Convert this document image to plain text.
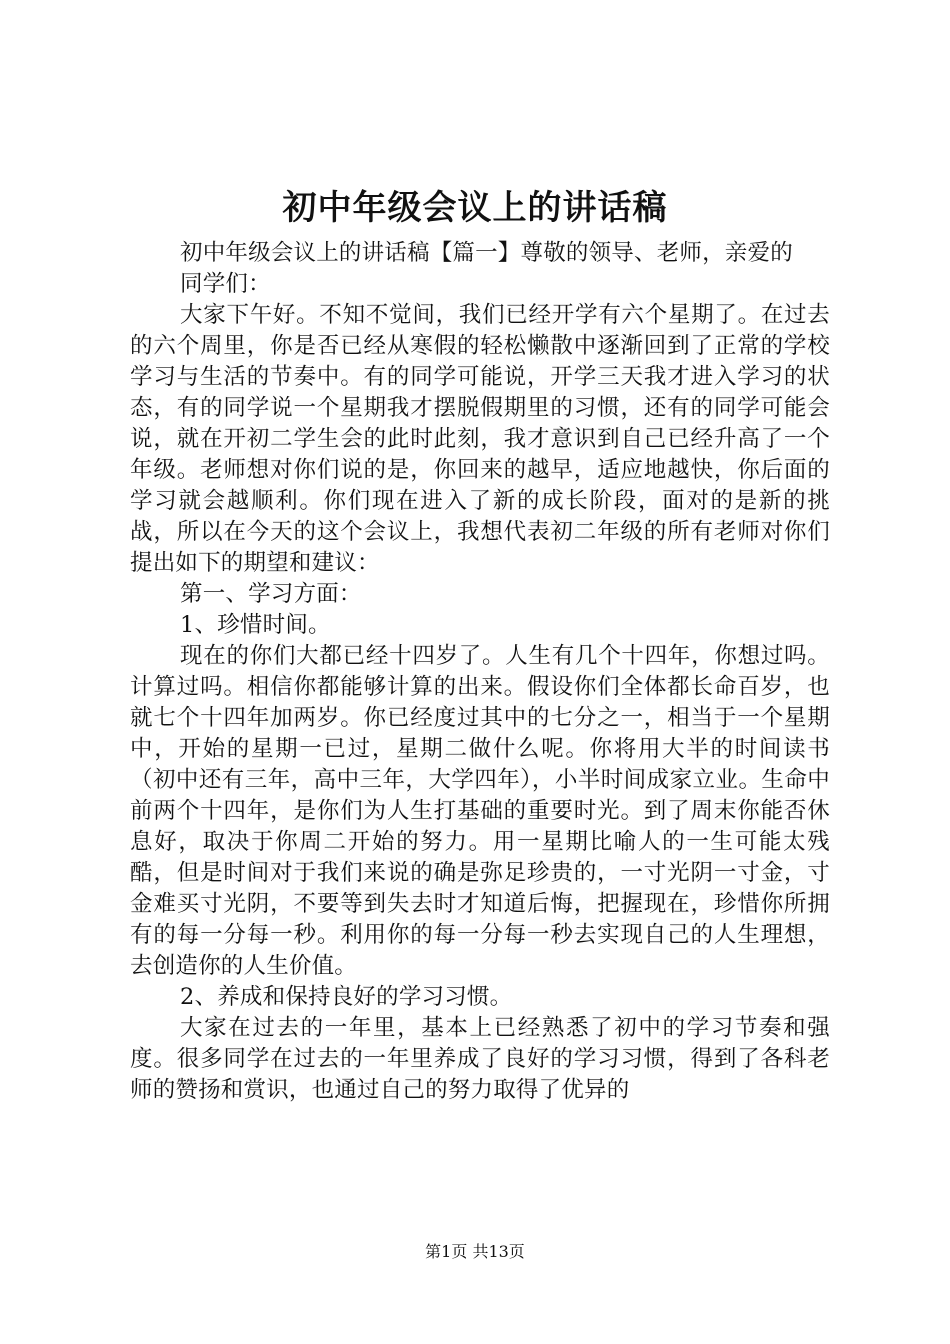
初中年级会议上的讲话稿

初中年级会议上的讲话稿【篇一】尊敬的领导、老师，亲爱的

同学们：

大家下午好。不知不觉间，我们已经开学有六个星期了。在过去的六个周里，你是否已经从寒假的轻松懒散中逐渐回到了正常的学校学习与生活的节奏中。有的同学可能说，开学三天我才进入学习的状态，有的同学说一个星期我才摆脱假期里的习惯，还有的同学可能会说，就在开初二学生会的此时此刻，我才意识到自己已经升高了一个年级。老师想对你们说的是，你回来的越早，适应地越快，你后面的学习就会越顺利。你们现在进入了新的成长阶段，面对的是新的挑战，所以在今天的这个会议上，我想代表初二年级的所有老师对你们提出如下的期望和建议：

第一、学习方面：

1、珍惜时间。

现在的你们大都已经十四岁了。人生有几个十四年，你想过吗。计算过吗。相信你都能够计算的出来。假设你们全体都长命百岁，也就七个十四年加两岁。你已经度过其中的七分之一，相当于一个星期中，开始的星期一已过，星期二做什么呢。你将用大半的时间读书（初中还有三年，高中三年，大学四年），小半时间成家立业。生命中前两个十四年，是你们为人生打基础的重要时光。到了周末你能否休息好，取决于你周二开始的努力。用一星期比喻人的一生可能太残酷，但是时间对于我们来说的确是弥足珍贵的，一寸光阴一寸金，寸金难买寸光阴，不要等到失去时才知道后悔，把握现在，珍惜你所拥有的每一分每一秒。利用你的每一分每一秒去实现自己的人生理想，去创造你的人生价值。

2、养成和保持良好的学习习惯。

大家在过去的一年里，基本上已经熟悉了初中的学习节奏和强度。很多同学在过去的一年里养成了良好的学习习惯，得到了各科老师的赞扬和赏识，也通过自己的努力取得了优异的

第1页 共13页
